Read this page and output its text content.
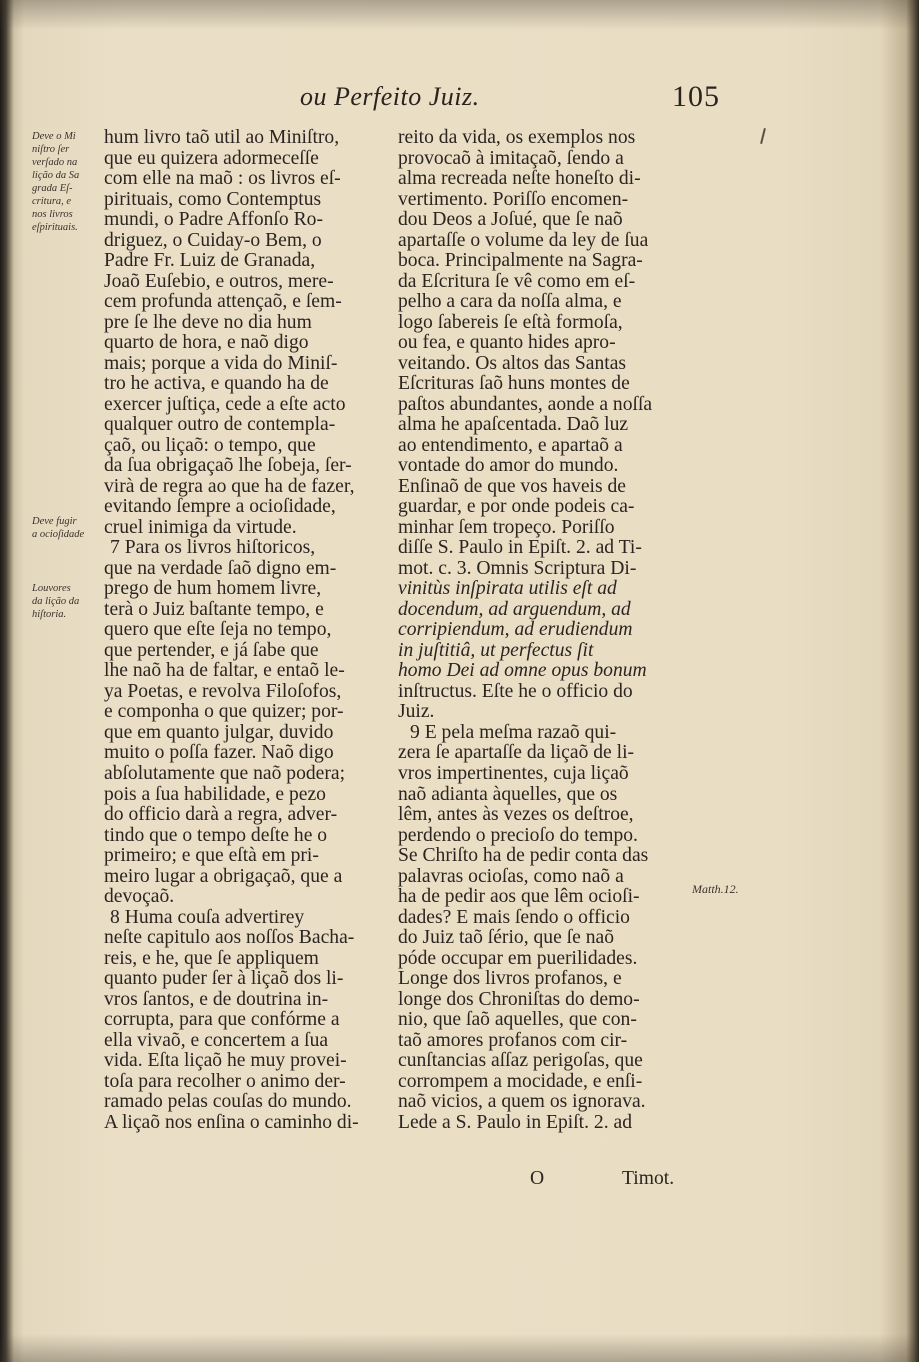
ou Perfeito Juiz.	105
Deve o Mi
niſtro ſer
verſado na
lição da Sa
grada Eſ-
critura, e
nos livros
eſpirituais.
Deve fugir
a ocioſidade
Louvores
da lição da
hiſtoria.
Matth.12.
hum livro taõ util ao Miniſtro,
que eu quizera adormeceſſe
com elle na maõ : os livros eſ-
pirituais, como Contemptus
mundi, o Padre Affonſo Ro-
driguez, o Cuiday-o Bem, o
Padre Fr. Luiz de Granada,
Joaõ Euſebio, e outros, mere-
cem profunda attençaõ, e ſem-
pre ſe lhe deve no dia hum
quarto de hora, e naõ digo
mais; porque a vida do Miniſ-
tro he activa, e quando ha de
exercer juſtiça, cede a eſte acto
qualquer outro de contempla-
çaõ, ou liçaõ: o tempo, que
da ſua obrigaçaõ lhe ſobeja, ſer-
virà de regra ao que ha de fazer,
evitando ſempre a ocioſidade,
cruel inimiga da virtude.
7 Para os livros hiſtoricos,
que na verdade ſaõ digno em-
prego de hum homem livre,
terà o Juiz baſtante tempo, e
quero que eſte ſeja no tempo,
que pertender, e já ſabe que
lhe naõ ha de faltar, e entaõ le-
ya Poetas, e revolva Filoſofos,
e componha o que quizer; por-
que em quanto julgar, duvido
muito o poſſa fazer. Naõ digo
abſolutamente que naõ podera;
pois a ſua habilidade, e pezo
do officio darà a regra, adver-
tindo que o tempo deſte he o
primeiro; e que eſtà em pri-
meiro lugar a obrigaçaõ, que a
devoçaõ.
8 Huma couſa advertirey
neſte capitulo aos noſſos Bacha-
reis, e he, que ſe appliquem
quanto puder ſer à liçaõ dos li-
vros ſantos, e de doutrina in-
corrupta, para que confórme a
ella vivaõ, e concertem a ſua
vida. Eſta liçaõ he muy provei-
toſa para recolher o animo der-
ramado pelas couſas do mundo.
A liçaõ nos enſina o caminho di-
reito da vida, os exemplos nos
provocaõ à imitaçaõ, ſendo a
alma recreada neſte honeſto di-
vertimento. Poriſſo encomen-
dou Deos a Joſué, que ſe naõ
apartaſſe o volume da ley de ſua
boca. Principalmente na Sagra-
da Eſcritura ſe vê como em eſ-
pelho a cara da noſſa alma, e
logo ſabereis ſe eſtà formoſa,
ou fea, e quanto hides apro-
veitando. Os altos das Santas
Eſcrituras ſaõ huns montes de
paſtos abundantes, aonde a noſſa
alma he apaſcentada. Daõ luz
ao entendimento, e apartaõ a
vontade do amor do mundo.
Enſinaõ de que vos haveis de
guardar, e por onde podeis ca-
minhar ſem tropeço. Poriſſo
diſſe S. Paulo in Epiſt. 2. ad Ti-
mot. c. 3. Omnis Scriptura Di-
vinitùs inſpirata utilis eſt ad
docendum, ad arguendum, ad
corripiendum, ad erudiendum
in juſtitiâ, ut perfectus ſit
homo Dei ad omne opus bonum
inſtructus. Eſte he o officio do
Juiz.
9 E pela meſma razaõ qui-
zera ſe apartaſſe da liçaõ de li-
vros impertinentes, cuja liçaõ
naõ adianta àquelles, que os
lêm, antes às vezes os deſtroe,
perdendo o precioſo do tempo.
Se Chriſto ha de pedir conta das
palavras ocioſas, como naõ a
ha de pedir aos que lêm ocioſi-
dades? E mais ſendo o officio
do Juiz taõ ſério, que ſe naõ
póde occupar em puerilidades.
Longe dos livros profanos, e
longe dos Chroniſtas do demo-
nio, que ſaõ aquelles, que con-
taõ amores profanos com cir-
cunſtancias aſſaz perigoſas, que
corrompem a mocidade, e enſi-
naõ vicios, a quem os ignorava.
Lede a S. Paulo in Epiſt. 2. ad
O	Timot.
